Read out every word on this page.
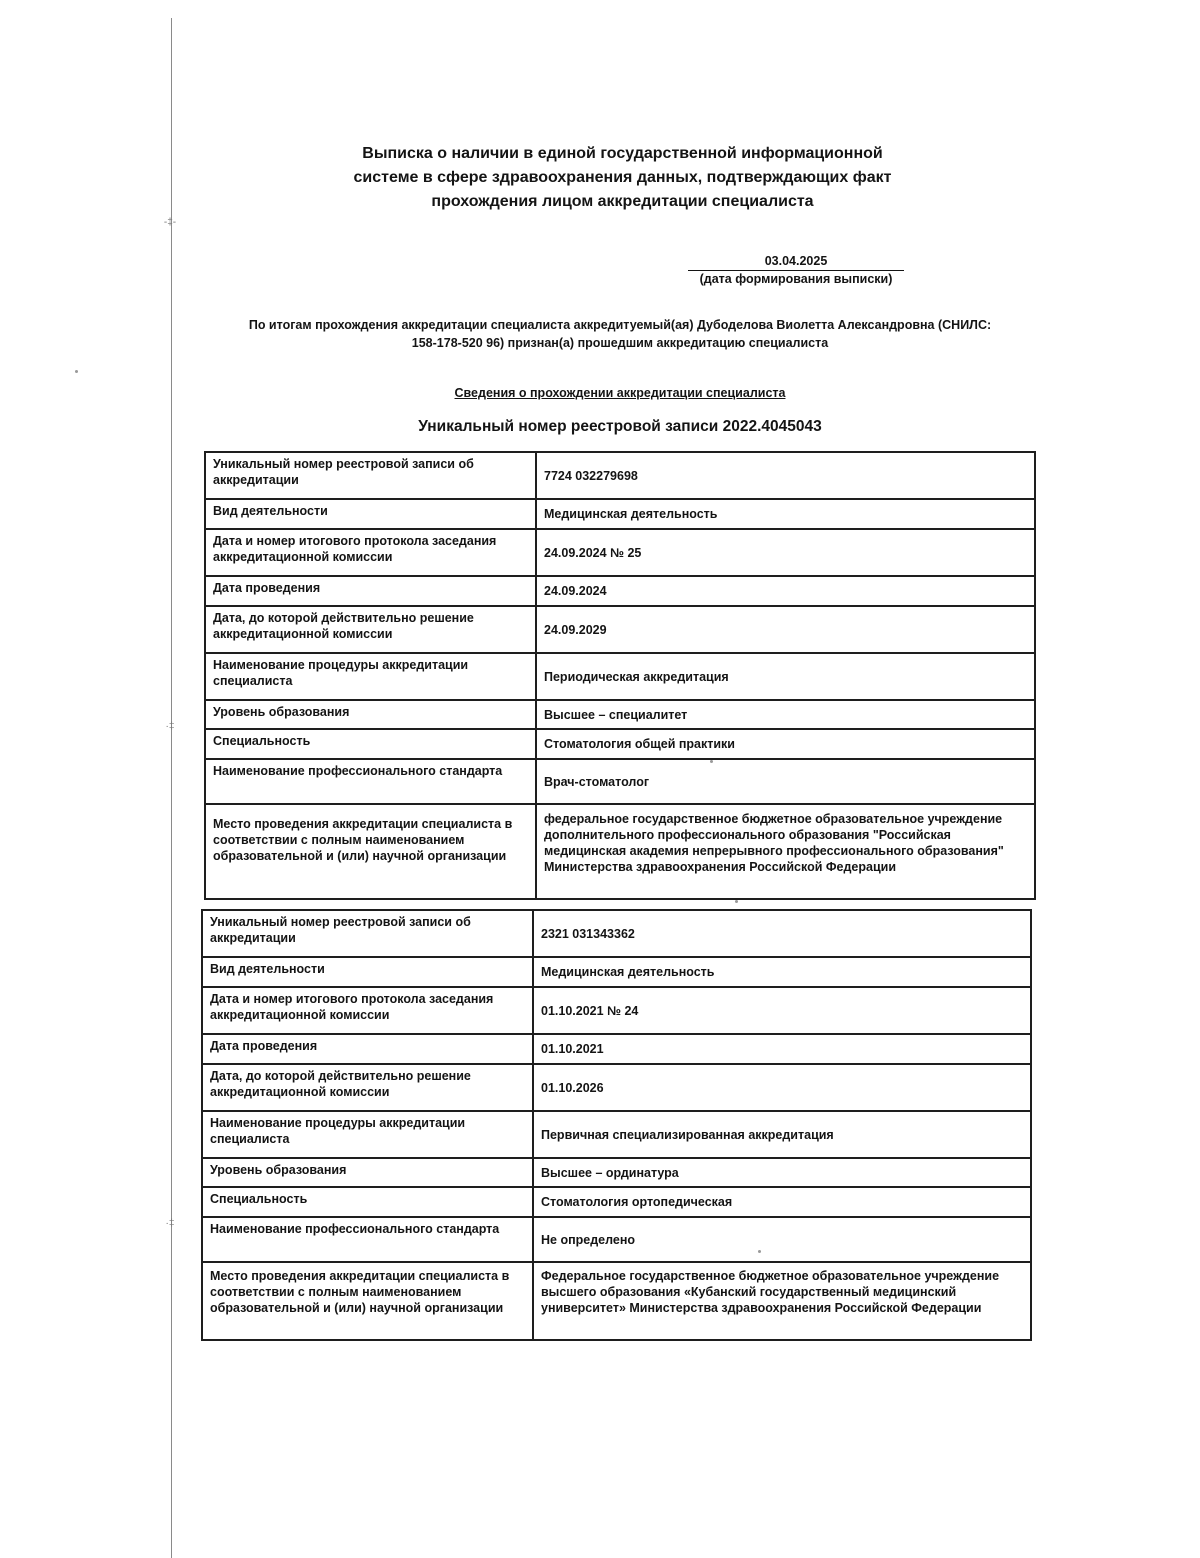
-‡-
·‡
·‡
Выписка о наличии в единой государственной информационной
системе в сфере здравоохранения данных, подтверждающих факт
прохождения лицом аккредитации специалиста
03.04.2025
(дата формирования выписки)
По итогам прохождения аккредитации специалиста аккредитуемый(ая) Дубоделова Виолетта Александровна (СНИЛС:
158-178-520 96) признан(а) прошедшим аккредитацию специалиста
Сведения о прохождении аккредитации специалиста
Уникальный номер реестровой записи 2022.4045043
Уникальный номер реестровой записи об аккредитации	7724 032279698
Вид деятельности	Медицинская деятельность
Дата и номер итогового протокола заседания аккредитационной комиссии	24.09.2024 № 25
Дата проведения	24.09.2024
Дата, до которой действительно решение аккредитационной комиссии	24.09.2029
Наименование процедуры аккредитации специалиста	Периодическая аккредитация
Уровень образования	Высшее – специалитет
Специальность	Стоматология общей практики
Наименование профессионального стандарта	Врач-стоматолог
Место проведения аккредитации специалиста в соответствии с полным наименованием образовательной и (или) научной организации	федеральное государственное бюджетное образовательное учреждение дополнительного профессионального образования "Российская медицинская академия непрерывного профессионального образования" Министерства здравоохранения Российской Федерации
Уникальный номер реестровой записи об аккредитации	2321 031343362
Вид деятельности	Медицинская деятельность
Дата и номер итогового протокола заседания аккредитационной комиссии	01.10.2021 № 24
Дата проведения	01.10.2021
Дата, до которой действительно решение аккредитационной комиссии	01.10.2026
Наименование процедуры аккредитации специалиста	Первичная специализированная аккредитация
Уровень образования	Высшее – ординатура
Специальность	Стоматология ортопедическая
Наименование профессионального стандарта	Не определено
Место проведения аккредитации специалиста в соответствии с полным наименованием образовательной и (или) научной организации	Федеральное государственное бюджетное образовательное учреждение высшего образования «Кубанский государственный медицинский университет» Министерства здравоохранения Российской Федерации
